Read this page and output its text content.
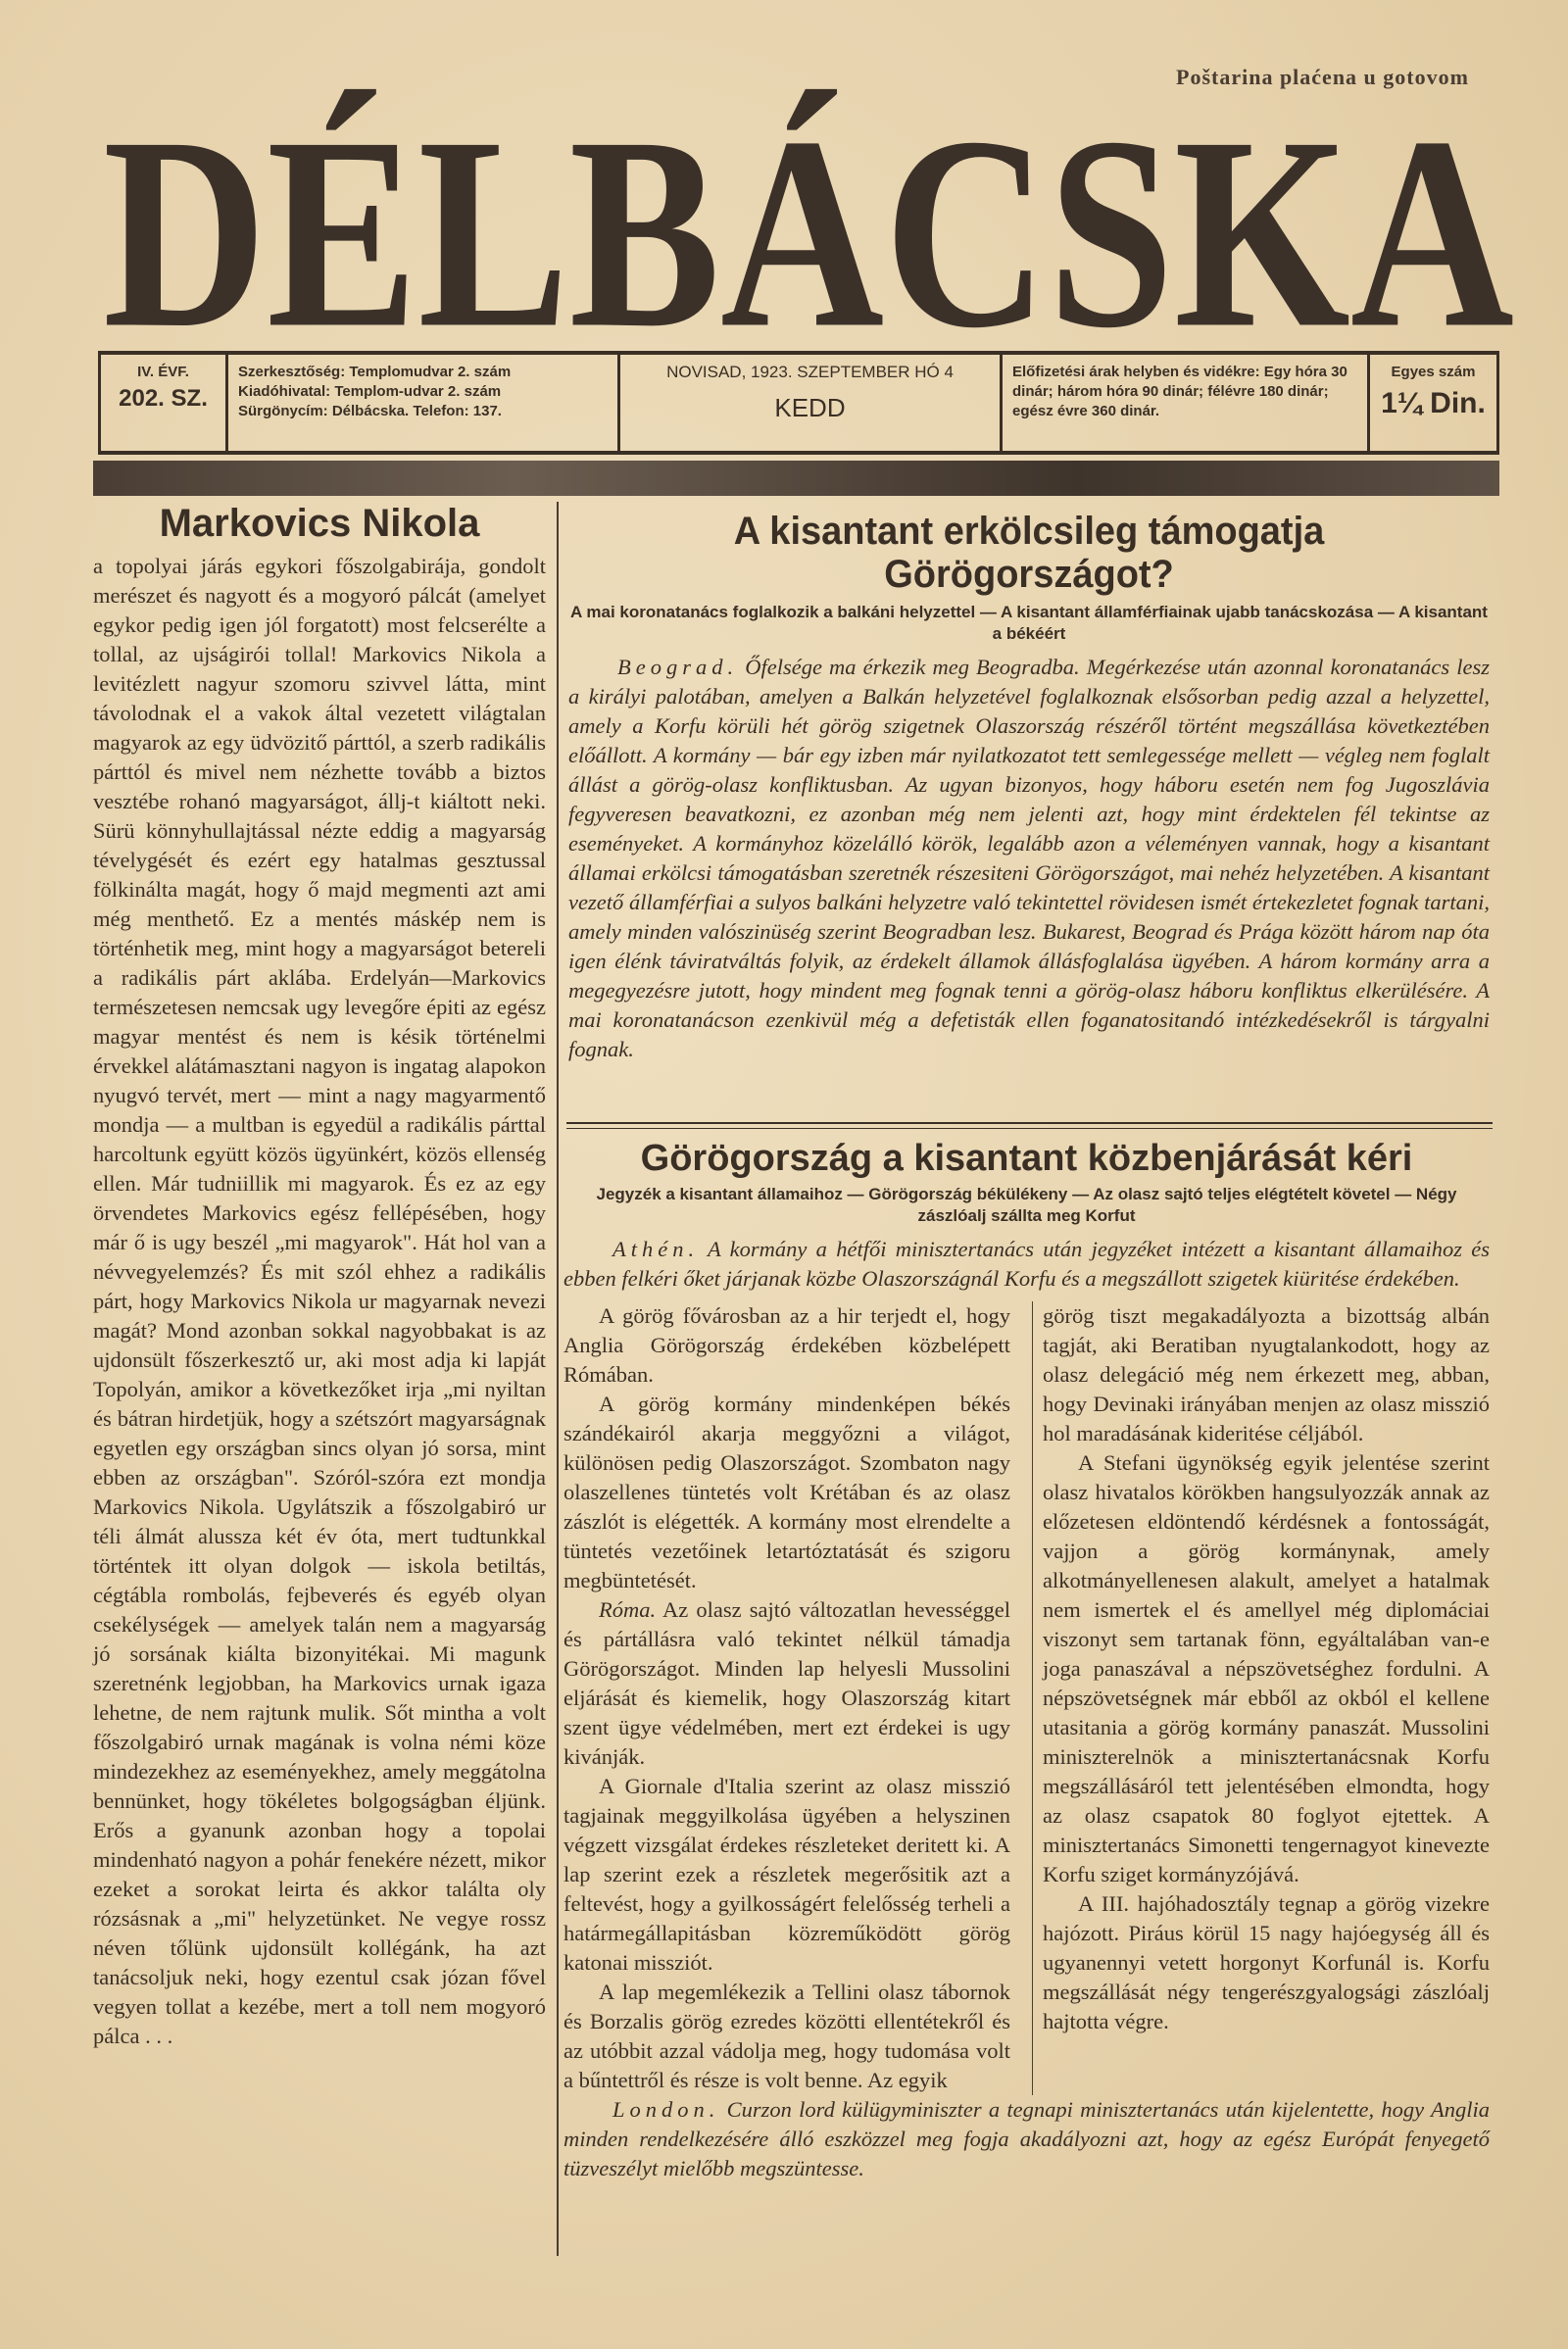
Poštarina plaćena u gotovom
DÉLBÁCSKA
IV. ÉVF.
202. SZ.
Szerkesztőség: Templomudvar 2. szám
Kiadóhivatal: Templom-udvar 2. szám
Sürgönycím: Délbácska. Telefon: 137.
NOVISAD, 1923. SZEPTEMBER HÓ 4
KEDD
Előfizetési árak helyben és vidékre: Egy hóra 30 dinár; három hóra 90 dinár; félévre 180 dinár; egész évre 360 dinár.
Egyes szám
1¼ Din.
Markovics Nikola

a topolyai járás egykori főszolgabirája, gondolt merészet és nagyott és a mogyoró pálcát (amelyet egykor pedig igen jól forgatott) most felcserélte a tollal, az ujságirói tollal! Markovics Nikola a levitézlett nagyur szomoru szivvel látta, mint távolodnak el a vakok által vezetett világtalan magyarok az egy üdvözitő párttól, a szerb radikális párttól és mivel nem nézhette tovább a biztos vesztébe rohanó magyarságot, állj-t kiáltott neki. Sürü könnyhullajtással nézte eddig a magyarság tévelygését és ezért egy hatalmas gesztussal fölkinálta magát, hogy ő majd megmenti azt ami még menthető. Ez a mentés máskép nem is történhetik meg, mint hogy a magyarságot betereli a radikális párt aklába. Erdelyán—Markovics természetesen nemcsak ugy levegőre épiti az egész magyar mentést és nem is késik történelmi érvekkel alátámasztani nagyon is ingatag alapokon nyugvó tervét, mert — mint a nagy magyarmentő mondja — a multban is egyedül a radikális párttal harcoltunk együtt közös ügyünkért, közös ellenség ellen. Már tudniillik mi magyarok. És ez az egy örvendetes Markovics egész fellépésében, hogy már ő is ugy beszél „mi magyarok". Hát hol van a névvegyelemzés? És mit szól ehhez a radikális párt, hogy Markovics Nikola ur magyarnak nevezi magát? Mond azonban sokkal nagyobbakat is az ujdonsült főszerkesztő ur, aki most adja ki lapját Topolyán, amikor a következőket irja „mi nyiltan és bátran hirdetjük, hogy a szétszórt magyarságnak egyetlen egy országban sincs olyan jó sorsa, mint ebben az országban". Szóról-szóra ezt mondja Markovics Nikola. Ugylátszik a főszolgabiró ur téli álmát alussza két év óta, mert tudtunkkal történtek itt olyan dolgok — iskola betiltás, cégtábla rombolás, fejbeverés és egyéb olyan csekélységek — amelyek talán nem a magyarság jó sorsának kiálta bizonyitékai. Mi magunk szeretnénk legjobban, ha Markovics urnak igaza lehetne, de nem rajtunk mulik. Sőt mintha a volt főszolgabiró urnak magának is volna némi köze mindezekhez az eseményekhez, amely meggátolna bennünket, hogy tökéletes bolgogságban éljünk. Erős a gyanunk azonban hogy a topolai mindenható nagyon a pohár fenekére nézett, mikor ezeket a sorokat leirta és akkor találta oly rózsásnak a „mi" helyzetünket. Ne vegye rossz néven tőlünk ujdonsült kollégánk, ha azt tanácsoljuk neki, hogy ezentul csak józan fővel vegyen tollat a kezébe, mert a toll nem mogyoró pálca . . .

A kisantant erkölcsileg támogatja Görögországot?
A mai koronatanács foglalkozik a balkáni helyzettel — A kisantant államférfiainak ujabb tanácskozása — A kisantant a békéért

Beograd. Őfelsége ma érkezik meg Beogradba. Megérkezése után azonnal koronatanács lesz a királyi palotában, amelyen a Balkán helyzetével foglalkoznak elsősorban pedig azzal a helyzettel, amely a Korfu körüli hét görög szigetnek Olaszország részéről történt megszállása következtében előállott. A kormány — bár egy izben már nyilatkozatot tett semlegessége mellett — végleg nem foglalt állást a görög-olasz konfliktusban. Az ugyan bizonyos, hogy háboru esetén nem fog Jugoszlávia fegyveresen beavatkozni, ez azonban még nem jelenti azt, hogy mint érdektelen fél tekintse az eseményeket. A kormányhoz közelálló körök, legalább azon a véleményen vannak, hogy a kisantant államai erkölcsi támogatásban szeretnék részesiteni Görögországot, mai nehéz helyzetében. A kisantant vezető államférfiai a sulyos balkáni helyzetre való tekintettel rövidesen ismét értekezletet fognak tartani, amely minden valószinüség szerint Beogradban lesz. Bukarest, Beograd és Prága között három nap óta igen élénk táviratváltás folyik, az érdekelt államok állásfoglalása ügyében. A három kormány arra a megegyezésre jutott, hogy mindent meg fognak tenni a görög-olasz háboru konfliktus elkerülésére. A mai koronatanácson ezenkivül még a defetisták ellen foganatositandó intézkedésekről is tárgyalni fognak.

Görögország a kisantant közbenjárását kéri
Jegyzék a kisantant államaihoz — Görögország békülékeny — Az olasz sajtó teljes elégtételt követel — Négy zászlóalj szállta meg Korfut

Athén. A kormány a hétfői minisztertanács után jegyzéket intézett a kisantant államaihoz és ebben felkéri őket járjanak közbe Olaszországnál Korfu és a megszállott szigetek kiüritése érdekében.

A görög fővárosban az a hir terjedt el, hogy Anglia Görögország érdekében közbelépett Rómában.

A görög kormány mindenképen békés szándékairól akarja meggyőzni a világot, különösen pedig Olaszországot. Szombaton nagy olaszellenes tüntetés volt Krétában és az olasz zászlót is elégették. A kormány most elrendelte a tüntetés vezetőinek letartóztatását és szigoru megbüntetését.

Róma. Az olasz sajtó változatlan hevességgel és pártállásra való tekintet nélkül támadja Görögországot. Minden lap helyesli Mussolini eljárását és kiemelik, hogy Olaszország kitart szent ügye védelmében, mert ezt érdekei is ugy kivánják.

A Giornale d'Italia szerint az olasz misszió tagjainak meggyilkolása ügyében a helyszinen végzett vizsgálat érdekes részleteket deritett ki. A lap szerint ezek a részletek megerősitik azt a feltevést, hogy a gyilkosságért felelősség terheli a határmegállapitásban közreműködött görög katonai missziót.

A lap megemlékezik a Tellini olasz tábornok és Borzalis görög ezredes közötti ellentétekről és az utóbbit azzal vádolja meg, hogy tudomása volt a bűntettről és része is volt benne. Az egyik

görög tiszt megakadályozta a bizottság albán tagját, aki Beratiban nyugtalankodott, hogy az olasz delegáció még nem érkezett meg, abban, hogy Devinaki irányában menjen az olasz misszió hol maradásának kideritése céljából.

A Stefani ügynökség egyik jelentése szerint olasz hivatalos körökben hangsulyozzák annak az előzetesen eldöntendő kérdésnek a fontosságát, vajjon a görög kormánynak, amely alkotmányellenesen alakult, amelyet a hatalmak nem ismertek el és amellyel még diplomáciai viszonyt sem tartanak fönn, egyáltalában van-e joga panaszával a népszövetséghez fordulni. A népszövetségnek már ebből az okból el kellene utasitania a görög kormány panaszát. Mussolini miniszterelnök a minisztertanácsnak Korfu megszállásáról tett jelentésében elmondta, hogy az olasz csapatok 80 foglyot ejtettek. A minisztertanács Simonetti tengernagyot kinevezte Korfu sziget kormányzójává.

A III. hajóhadosztály tegnap a görög vizekre hajózott. Piráus körül 15 nagy hajóegység áll és ugyanennyi vetett horgonyt Korfunál is. Korfu megszállását négy tengerészgyalogsági zászlóalj hajtotta végre.

London. Curzon lord külügyminiszter a tegnapi minisztertanács után kijelentette, hogy Anglia minden rendelkezésére álló eszközzel meg fogja akadályozni azt, hogy az egész Európát fenyegető tüzveszélyt mielőbb megszüntesse.
